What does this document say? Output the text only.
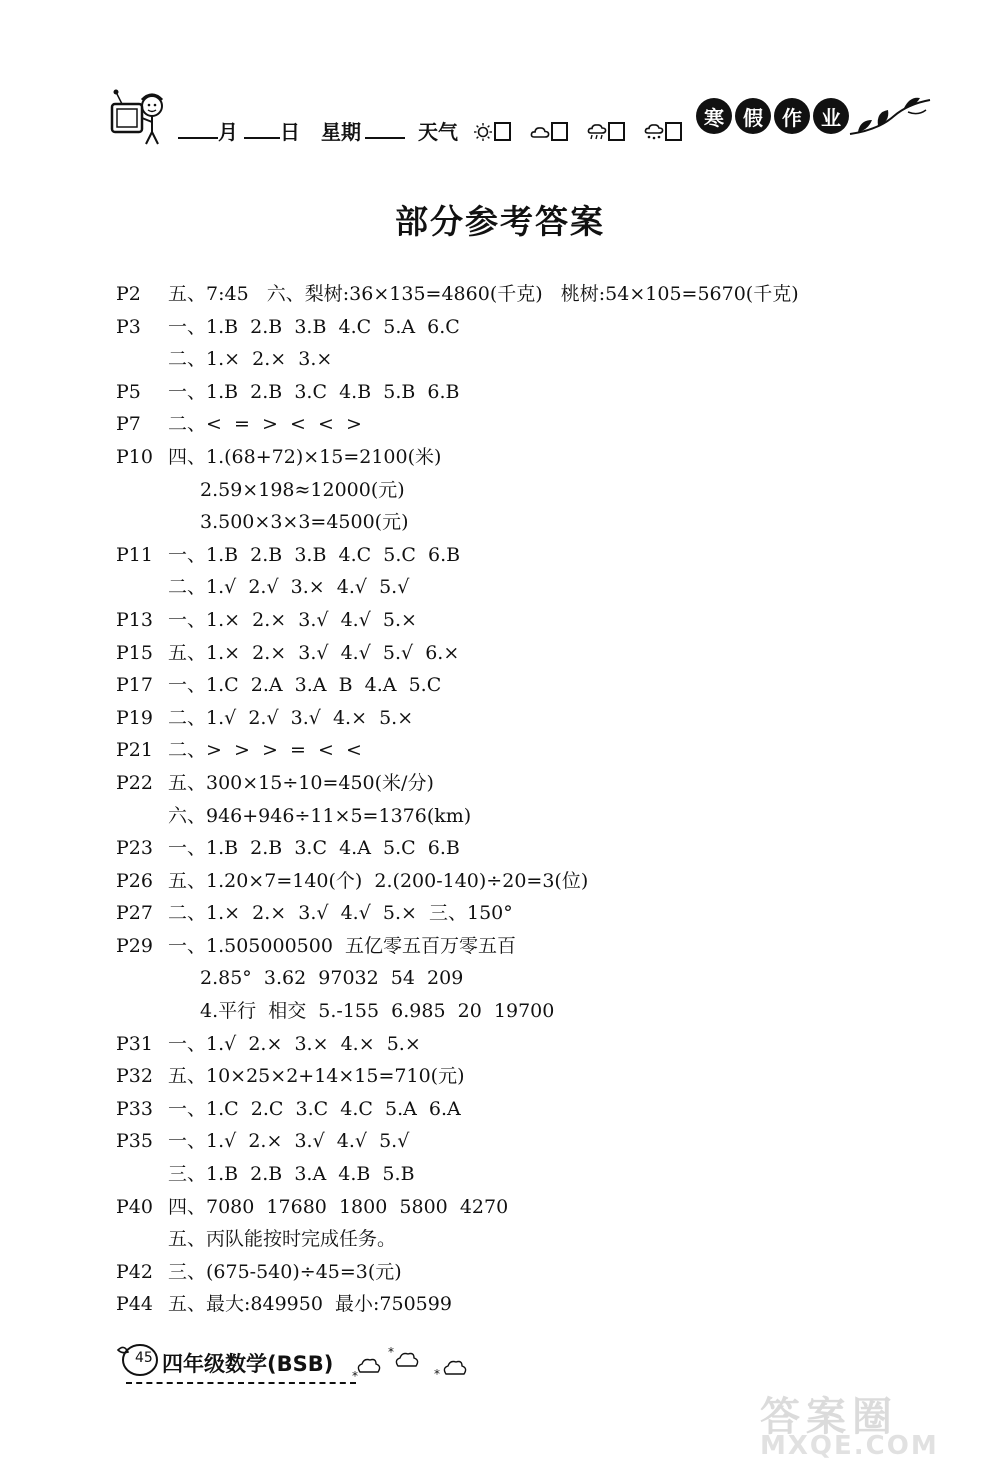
月 日 星期	天气
寒 假 作 业
部分参考答案
P2	五、7:45   六、梨树:36×135=4860(千克)   桃树:54×105=5670(千克)
P3	一、1.B  2.B  3.B  4.C  5.A  6.C
二、1.×  2.×  3.×
P5	一、1.B  2.B  3.C  4.B  5.B  6.B
P7	二、<  =  >  <  <  >
P10 四、1.(68+72)×15=2100(米)
2.59×198≈12000(元)
3.500×3×3=4500(元)
P11 一、1.B  2.B  3.B  4.C  5.C  6.B
二、1.√  2.√  3.×  4.√  5.√
P13 一、1.×  2.×  3.√  4.√  5.×
P15 五、1.×  2.×  3.√  4.√  5.√  6.×
P17 一、1.C  2.A  3.A  B  4.A  5.C
P19 二、1.√  2.√  3.√  4.×  5.×
P21 二、>  >  >  =  <  <
P22 五、300×15÷10=450(米/分)
六、946+946÷11×5=1376(km)
P23 一、1.B  2.B  3.C  4.A  5.C  6.B
P26 五、1.20×7=140(个)  2.(200-140)÷20=3(位)
P27 二、1.×  2.×  3.√  4.√  5.×  三、150°
P29 一、1.505000500  五亿零五百万零五百
2.85°  3.62  97032  54  209
4.平行  相交  5.-155  6.985  20  19700
P31 一、1.√  2.×  3.×  4.×  5.×
P32 五、10×25×2+14×15=710(元)
P33 一、1.C  2.C  3.C  4.C  5.A  6.A
P35 一、1.√  2.×  3.√  4.√  5.√
三、1.B  2.B  3.A  4.B  5.B
P40 四、7080  17680  1800  5800  4270
五、丙队能按时完成任务。
P42 三、(675-540)÷45=3(元)
P44 五、最大:849950  最小:750599
45 四年级数学(BSB) *
*
*
答案圈
MXQE.COM
